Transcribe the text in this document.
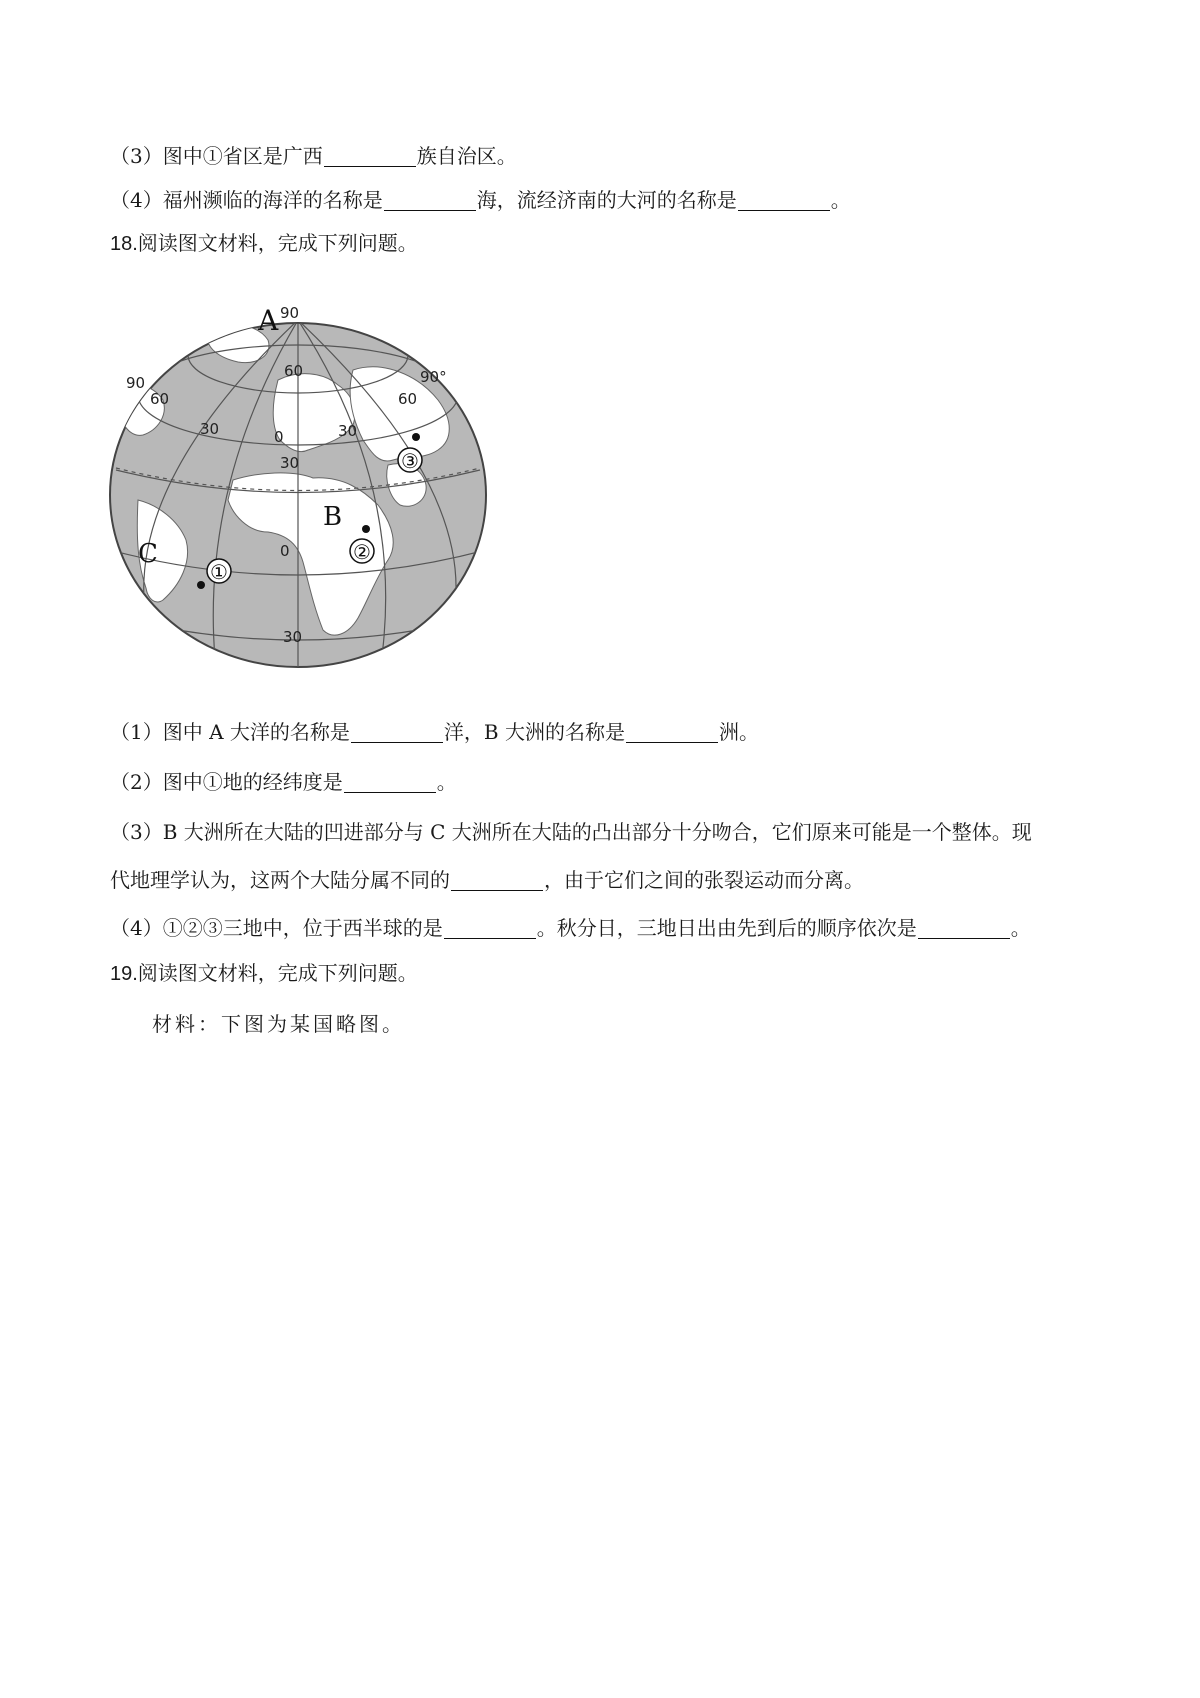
（3）图中①省区是广西	族自治区。
（4）福州濒临的海洋的名称是	海，流经济南的大河的名称是	。
18.阅读图文材料，完成下列问题。
A
B
C
90
90
60
60
60
90°
30	0	30
30
0
30
①
②
③
（1）图中 A 大洋的名称是	洋，B 大洲的名称是	洲。
（2）图中①地的经纬度是	。
（3）B 大洲所在大陆的凹进部分与 C 大洲所在大陆的凸出部分十分吻合，它们原来可能是一个整体。现
代地理学认为，这两个大陆分属不同的	，由于它们之间的张裂运动而分离。
（4）①②③三地中，位于西半球的是	。秋分日，三地日出由先到后的顺序依次是	。
19.阅读图文材料，完成下列问题。
材料：下图为某国略图。
